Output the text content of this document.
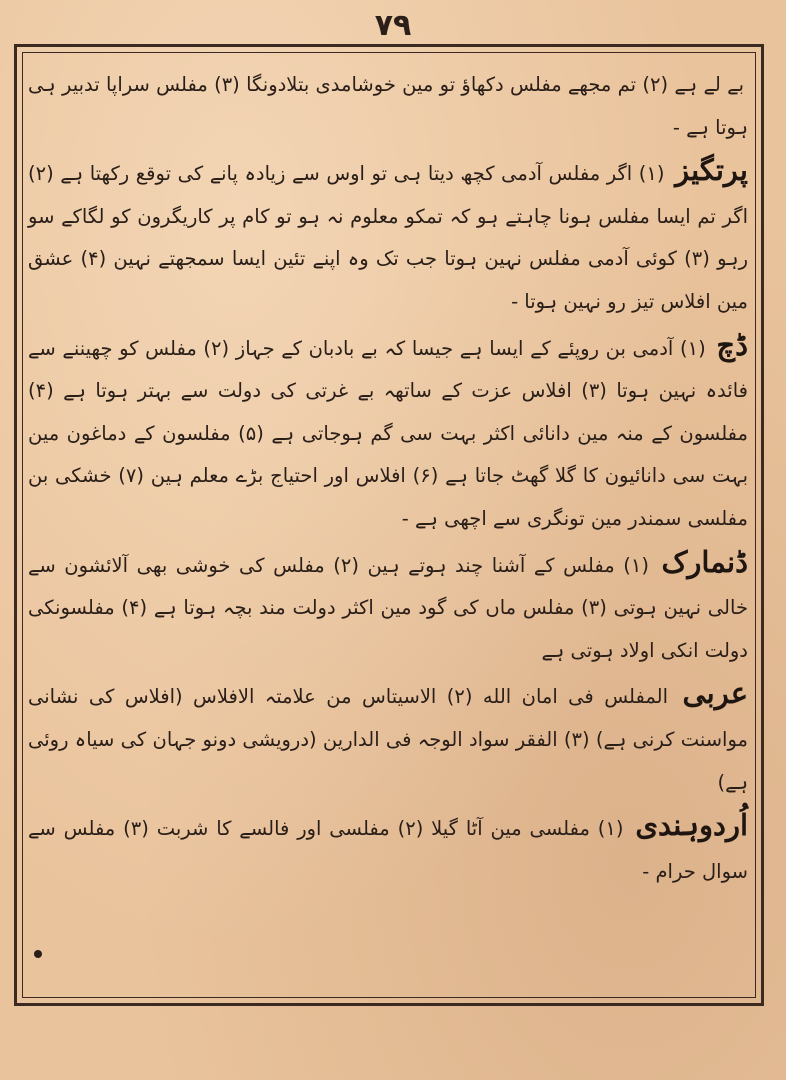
۷۹

بے لے ہے (۲) تم مجھے مفلس دکھاؤ تو مین خوشامدی بتلادونگا (۳) مفلس سراپا تدبیر ہی ہوتا ہے -

پرتگیز (۱) اگر مفلس آدمی کچھ دیتا ہی تو اوس سے زیادہ پانے کی توقع رکھتا ہے (۲) اگر تم ایسا مفلس ہونا چاہتے ہو کہ تمکو معلوم نہ ہو تو کام پر کاریگرون کو لگاکے سو رہو (۳) کوئی آدمی مفلس نہین ہوتا جب تک وہ اپنے تئین ایسا سمجھتے نہین (۴) عشق مین افلاس تیز رو نہین ہوتا -

ڈچ (۱) آدمی بن روپئے کے ایسا ہے جیسا کہ بے بادبان کے جہاز (۲) مفلس کو چھیننے سے فائدہ نہین ہوتا (۳) افلاس عزت کے ساتھہ بے غرتی کی دولت سے بہتر ہوتا ہے (۴) مفلسون کے منہ مین دانائی اکثر بہت سی گم ہوجاتی ہے (۵) مفلسون کے دماغون مین بہت سی دانائیون کا گلا گھٹ جاتا ہے (۶) افلاس اور احتیاج بڑے معلم ہین (۷) خشکی بن مفلسی سمندر مین تونگری سے اچھی ہے -

ڈنمارک (۱) مفلس کے آشنا چند ہوتے ہین (۲) مفلس کی خوشی بھی آلائشون سے خالی نہین ہوتی (۳) مفلس ماں کی گود مین اکثر دولت مند بچہ ہوتا ہے (۴) مفلسونکی دولت انکی اولاد ہوتی ہے

عربی المفلس فی امان الله (۲) الاسیتاس من علامتہ الافلاس (افلاس کی نشانی مواسنت کرنی ہے) (۳) الفقر سواد الوجہ فی الدارین (درویشی دونو جہان کی سیاہ روئی ہے)

اُردوہندی (۱) مفلسی مین آٹا گیلا (۲) مفلسی اور فالسے کا شربت (۳) مفلس سے سوال حرام -
